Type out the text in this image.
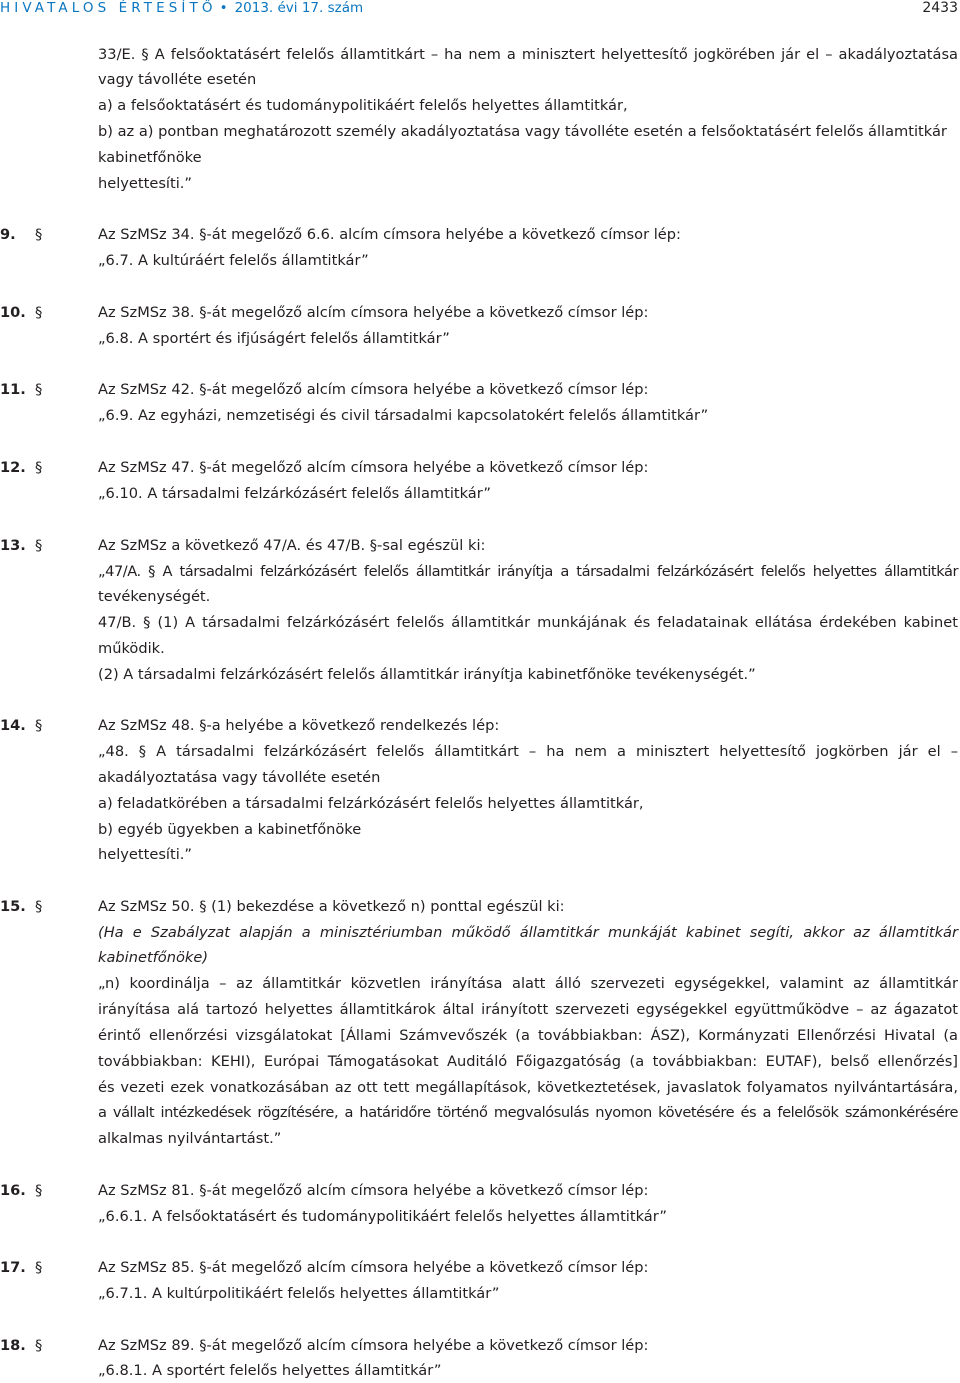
HIVATALOS ÉRTESÍTŐ • 2013. évi 17. szám	2433
33/E. § A felsőoktatásért felelős államtitkárt – ha nem a minisztert helyettesítő jogkörében jár el – akadályoztatása
vagy távolléte esetén
a) a felsőoktatásért és tudománypolitikáért felelős helyettes államtitkár,
b) az a) pontban meghatározott személy akadályoztatása vagy távolléte esetén a felsőoktatásért felelős államtitkár
kabinetfőnöke
helyettesíti.”
9. §	Az SzMSz 34. §-át megelőző 6.6. alcím címsora helyébe a következő címsor lép:
„6.7. A kultúráért felelős államtitkár”
10. §	Az SzMSz 38. §-át megelőző alcím címsora helyébe a következő címsor lép:
„6.8. A sportért és ifjúságért felelős államtitkár”
11. §	Az SzMSz 42. §-át megelőző alcím címsora helyébe a következő címsor lép:
„6.9. Az egyházi, nemzetiségi és civil társadalmi kapcsolatokért felelős államtitkár”
12. §	Az SzMSz 47. §-át megelőző alcím címsora helyébe a következő címsor lép:
„6.10. A társadalmi felzárkózásért felelős államtitkár”
13. §	Az SzMSz a következő 47/A. és 47/B. §-sal egészül ki:
„47/A. § A társadalmi felzárkózásért felelős államtitkár irányítja a társadalmi felzárkózásért felelős helyettes államtitkár
tevékenységét.
47/B. § (1) A társadalmi felzárkózásért felelős államtitkár munkájának és feladatainak ellátása érdekében kabinet
működik.
(2) A társadalmi felzárkózásért felelős államtitkár irányítja kabinetfőnöke tevékenységét.”
14. §	Az SzMSz 48. §-a helyébe a következő rendelkezés lép:
„48. § A társadalmi felzárkózásért felelős államtitkárt – ha nem a minisztert helyettesítő jogkörben jár el –
akadályoztatása vagy távolléte esetén
a) feladatkörében a társadalmi felzárkózásért felelős helyettes államtitkár,
b) egyéb ügyekben a kabinetfőnöke
helyettesíti.”
15. §	Az SzMSz 50. § (1) bekezdése a következő n) ponttal egészül ki:
(Ha e Szabályzat alapján a minisztériumban működő államtitkár munkáját kabinet segíti, akkor az államtitkár
kabinetfőnöke)
„n) koordinálja – az államtitkár közvetlen irányítása alatt álló szervezeti egységekkel, valamint az államtitkár
irányítása alá tartozó helyettes államtitkárok által irányított szervezeti egységekkel együttműködve – az ágazatot
érintő ellenőrzési vizsgálatokat [Állami Számvevőszék (a továbbiakban: ÁSZ), Kormányzati Ellenőrzési Hivatal (a
továbbiakban: KEHI), Európai Támogatásokat Auditáló Főigazgatóság (a továbbiakban: EUTAF), belső ellenőrzés]
és vezeti ezek vonatkozásában az ott tett megállapítások, következtetések, javaslatok folyamatos nyilvántartására,
a vállalt intézkedések rögzítésére, a határidőre történő megvalósulás nyomon követésére és a felelősök számonkérésére
alkalmas nyilvántartást.”
16. §	Az SzMSz 81. §-át megelőző alcím címsora helyébe a következő címsor lép:
„6.6.1. A felsőoktatásért és tudománypolitikáért felelős helyettes államtitkár”
17. §	Az SzMSz 85. §-át megelőző alcím címsora helyébe a következő címsor lép:
„6.7.1. A kultúrpolitikáért felelős helyettes államtitkár”
18. §	Az SzMSz 89. §-át megelőző alcím címsora helyébe a következő címsor lép:
„6.8.1. A sportért felelős helyettes államtitkár”
